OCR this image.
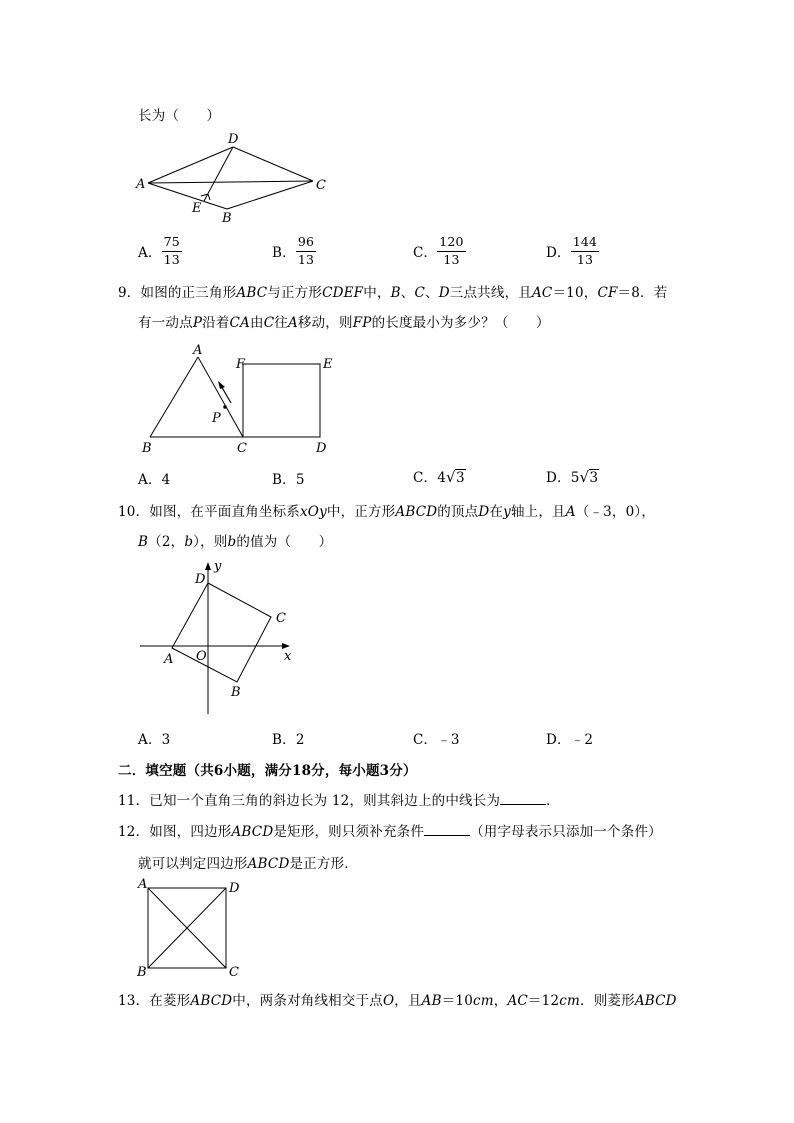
长为（　　）
A
D
C
E
B
A． $\frac{75}{13}$	B． $\frac{96}{13}$	C． $\frac{120}{13}$	D． $\frac{144}{13}$
9．如图的正三角形ABC与正方形CDEF中，B、C、D三点共线，且AC＝10，CF＝8．若
有一动点P沿着CA由C往A移动，则FP的长度最小为多少？（　　）
A
F	E
P
B	C	D
A．4	B．5	C．4 √ 3	D．5 √ 3
10．如图，在平面直角坐标系xOy中，正方形ABCD的顶点D在y轴上，且A（﹣3，0），
B（2，b），则b的值为（　　）
y
D
C
O
A	x
B
A．3	B．2	C．﹣3	D．﹣2
二．填空题（共6小题，满分18分，每小题3分）
11．已知一个直角三角的斜边长为 12，则其斜边上的中线长为	．
12．如图，四边形ABCD是矩形，则只须补充条件	（用字母表示只添加一个条件）
就可以判定四边形ABCD是正方形．
A	D
B	C
13．在菱形ABCD中，两条对角线相交于点O，且AB＝10cm，AC＝12cm．则菱形ABCD
